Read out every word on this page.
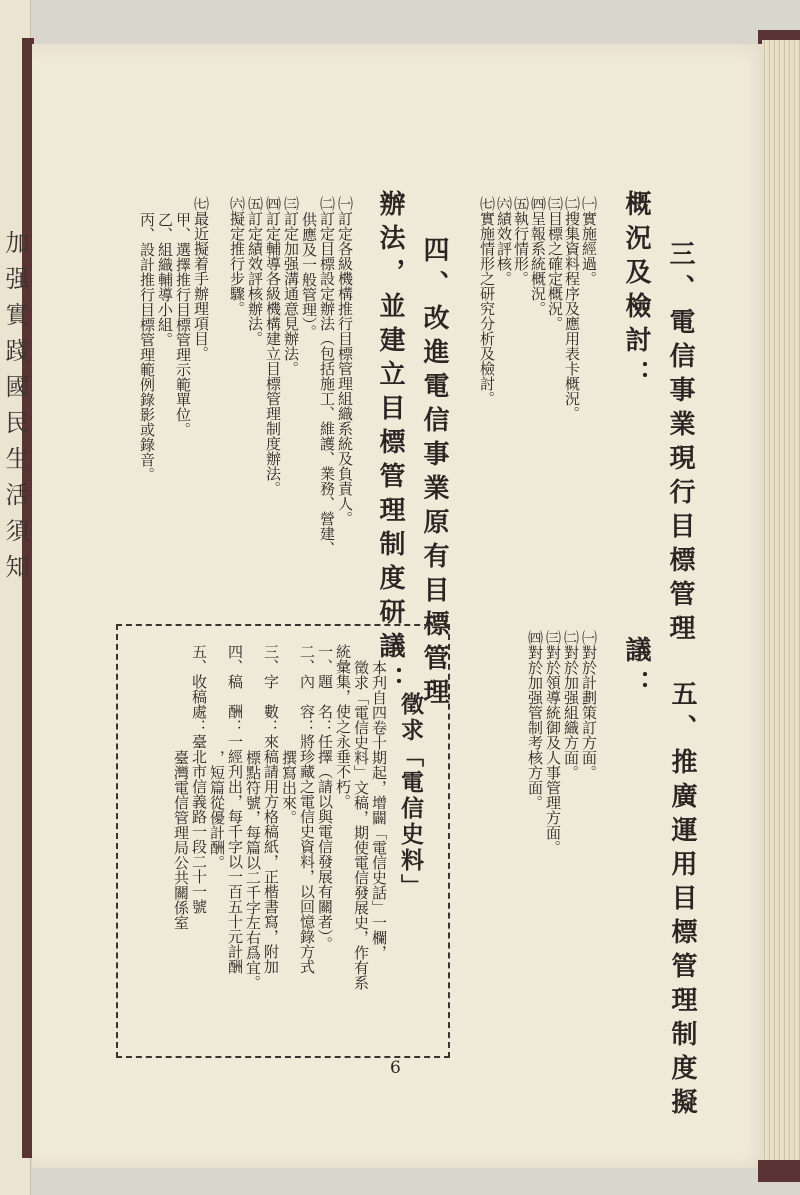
加强實踐國民生活須知	三、電信事業現行目標管理
概況及檢討：
㈠實施經過。
㈡搜集資料程序及應用表卡概況。
㈢目標之確定概況。
㈣呈報系統概況。
㈤執行情形。
㈥績效評核。
㈦實施情形之研究分析及檢討。
四、改進電信事業原有目標管理
辦法，並建立目標管理制度研議：
㈠訂定各級機構推行目標管理組織系統及負責人。
㈡訂定目標設定辦法（包括施工、維護、業務、營建、
供應及一般管理）。
㈢訂定加强溝通意見辦法。
㈣訂定輔導各級機構建立目標管理制度辦法。
㈤訂定績效評核辦法。
㈥擬定推行步驟。
㈦最近擬着手辦理項目。
甲、選擇推行目標管理示範單位。
乙、組織輔導小組。
丙、設計推行目標管理範例錄影或錄音。
五、推廣運用目標管理制度擬
議：
㈠對於計劃策訂方面。
㈡對於加强組織方面。
㈢對於領導統御及人事管理方面。
㈣對於加强管制考核方面。
徵求「電信史料」
本刋自四卷十期起，增闢「電信史話」一欄，
徵求「電信史料」文稿，期使電信發展史，作有系
統彙集，使之永垂不朽。
一、題　名：任擇（請以與電信發展有關者）。
二、內　容：將珍藏之電信史資料，以回憶錄方式
撰寫出來。
三、字　數：來稿請用方格稿紙，正楷書寫，附加
標點符號，每篇以二千字左右爲宜。
四、稿　酬：一經刋出，每千字以一百五十元計酬
，短篇從優計酬。
五、收稿處：臺北市信義路一段二十一號
臺灣電信管理局公共關係室
6
